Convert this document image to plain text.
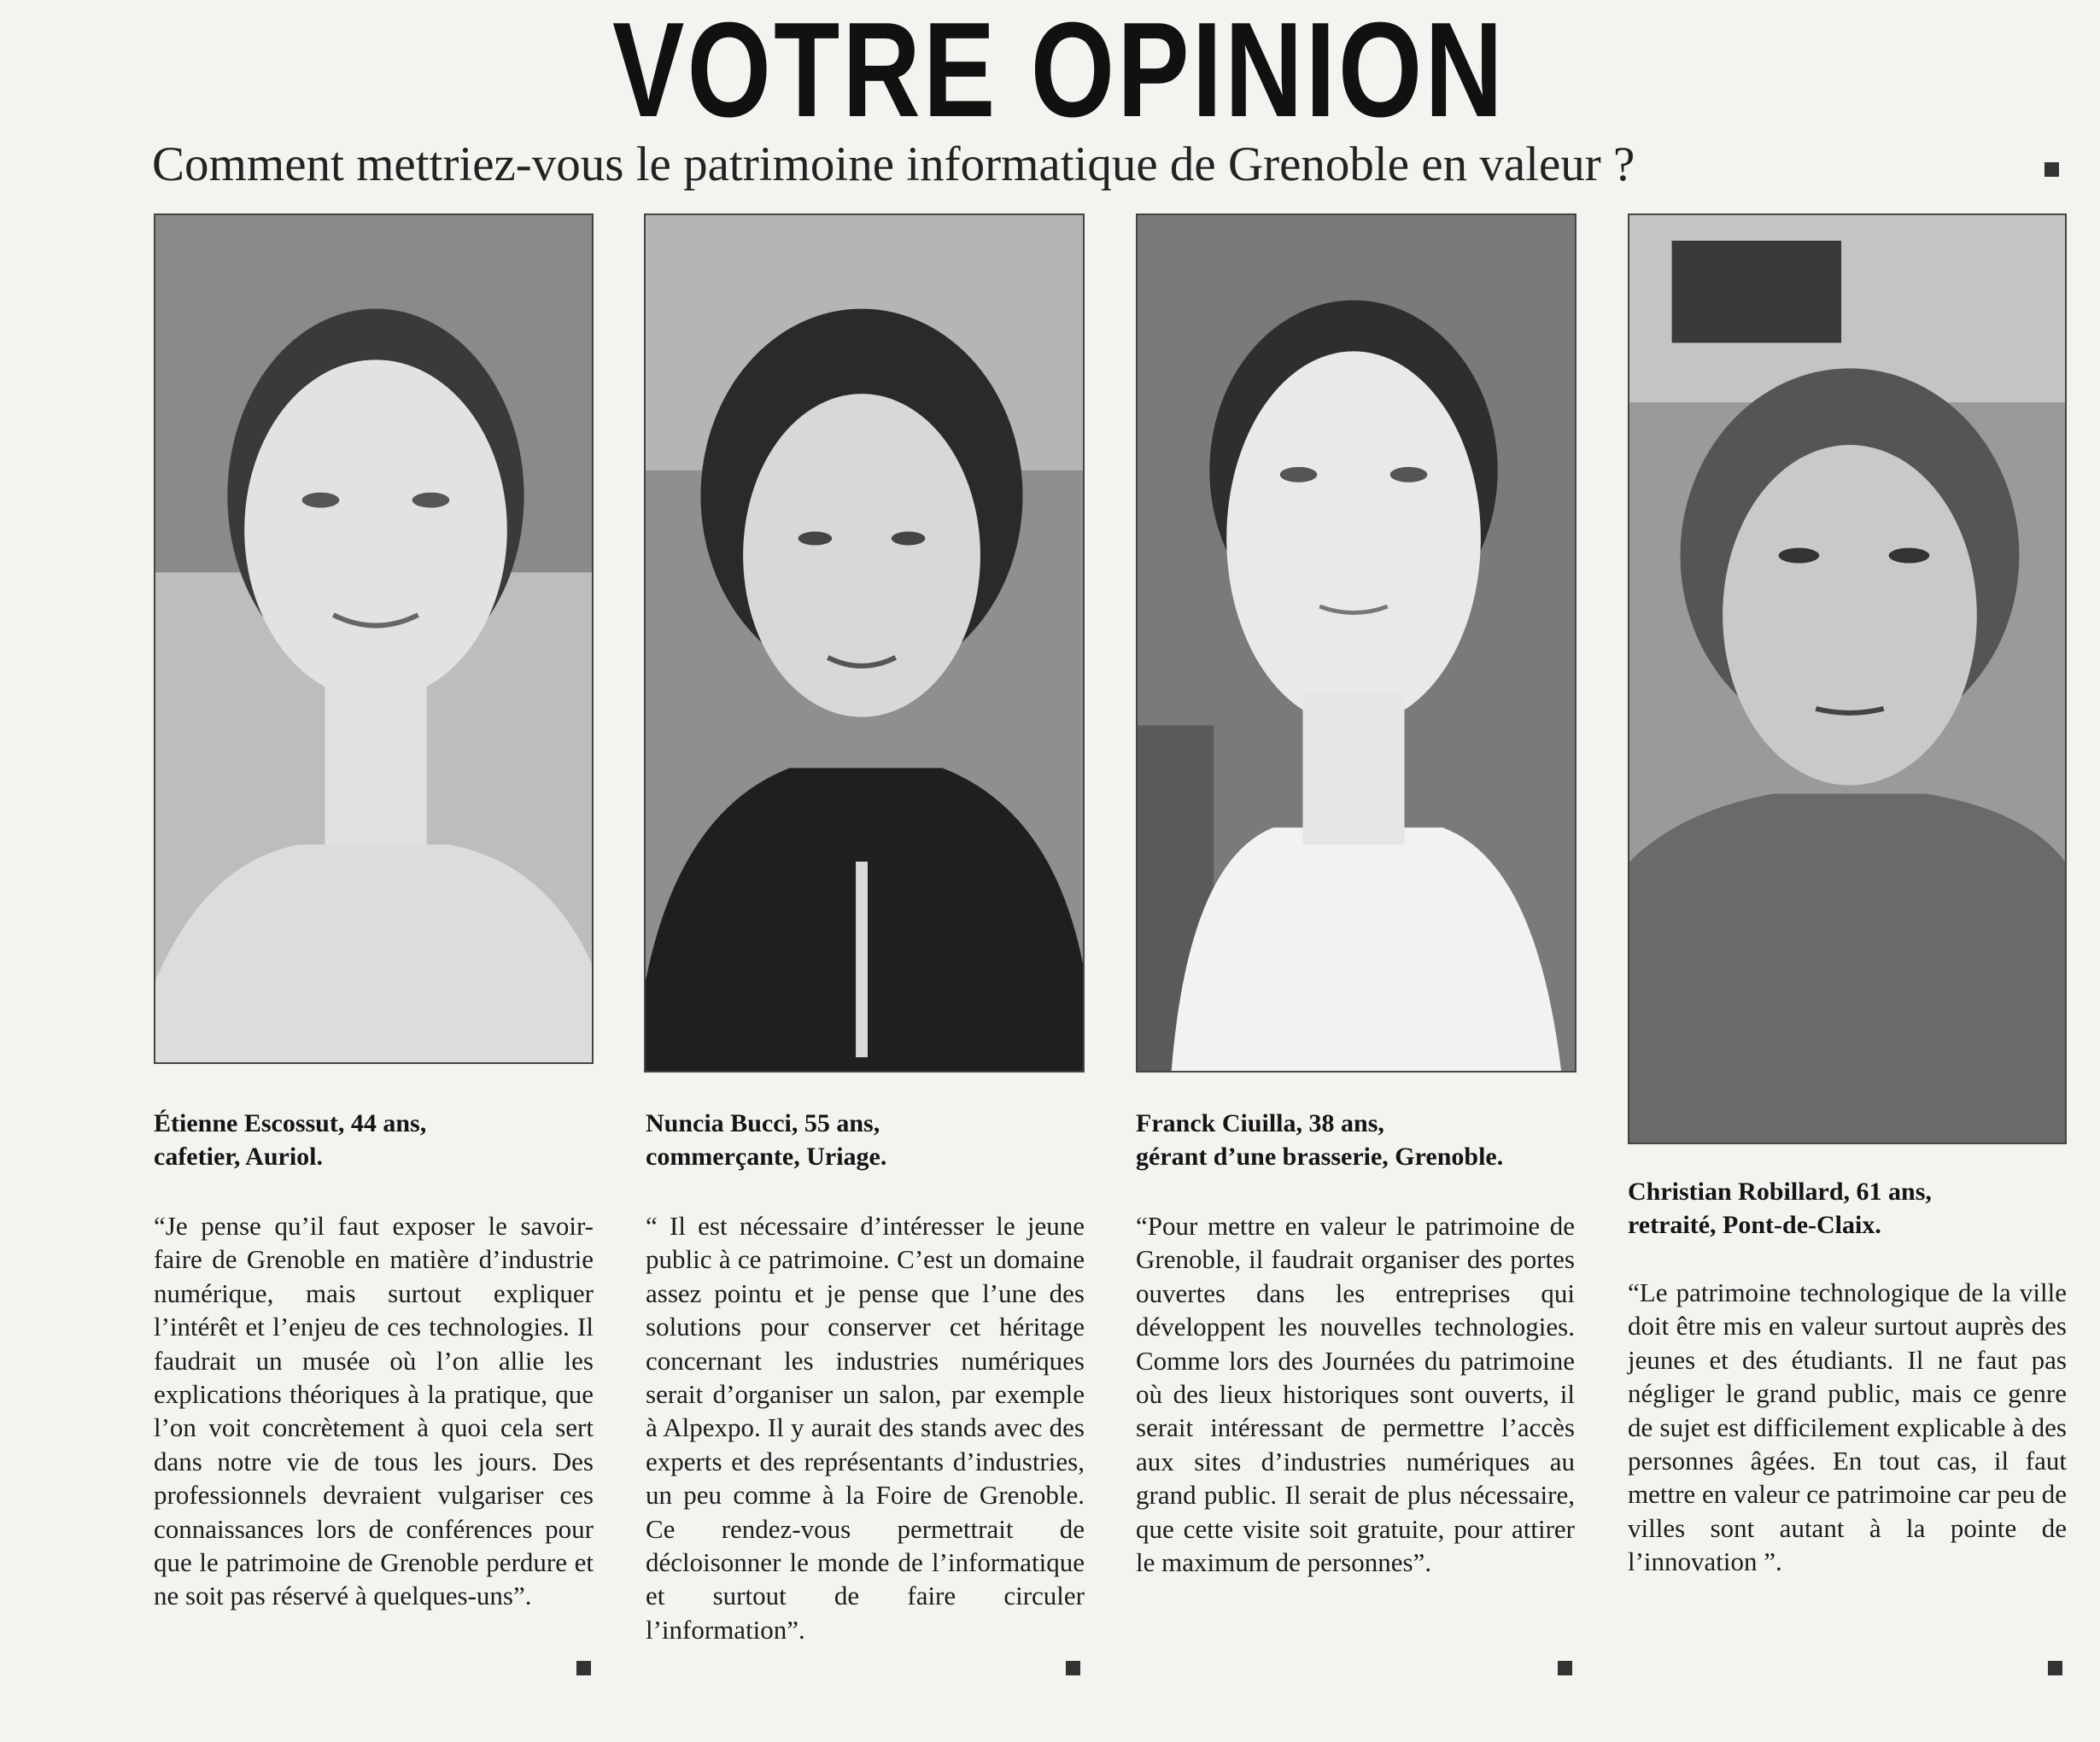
VOTRE OPINION
Comment mettriez-vous le patrimoine informatique de Grenoble en valeur ?
Étienne Escossut, 44 ans,
cafetier, Auriol.
“Je pense qu’il faut exposer le savoir-faire de Grenoble en matière d’industrie numérique, mais surtout expliquer l’intérêt et l’enjeu de ces technologies. Il faudrait un musée où l’on allie les explications théoriques à la pratique, que l’on voit concrètement à quoi cela sert dans notre vie de tous les jours. Des professionnels devraient vulgariser ces connaissances lors de conférences pour que le patrimoine de Grenoble perdure et ne soit pas réservé à quelques-uns”.
Nuncia Bucci, 55 ans,
commerçante, Uriage.
“ Il est nécessaire d’intéresser le jeune public à ce patrimoine. C’est un domaine assez pointu et je pense que l’une des solutions pour conserver cet héritage concernant les industries numériques serait d’organiser un salon, par exemple à Alpexpo. Il y aurait des stands avec des experts et des représentants d’industries, un peu comme à la Foire de Grenoble. Ce rendez-vous permettrait de décloisonner le monde de l’informatique et surtout de faire circuler l’information”.
Franck Ciuilla, 38 ans,
gérant d’une brasserie, Grenoble.
“Pour mettre en valeur le patrimoine de Grenoble, il faudrait organiser des portes ouvertes dans les entreprises qui développent les nouvelles technologies. Comme lors des Journées du patrimoine où des lieux historiques sont ouverts, il serait intéressant de permettre l’accès aux sites d’industries numériques au grand public. Il serait de plus nécessaire, que cette visite soit gratuite, pour attirer le maximum de personnes”.
Christian Robillard, 61 ans,
retraité, Pont-de-Claix.
“Le patrimoine technologique de la ville doit être mis en valeur surtout auprès des jeunes et des étudiants. Il ne faut pas négliger le grand public, mais ce genre de sujet est difficilement explicable à des personnes âgées. En tout cas, il faut mettre en valeur ce patrimoine car peu de villes sont autant à la pointe de l’innovation ”.
